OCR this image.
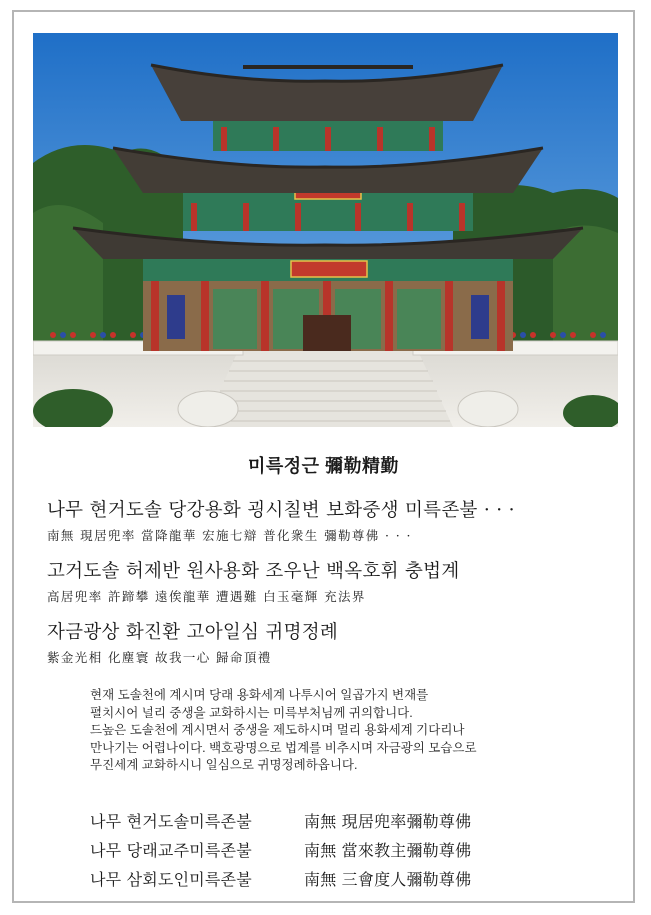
미륵정근 彌勒精勤
나무 현거도솔 당강용화 굉시칠변 보화중생 미륵존불 · · ·
南無 現居兜率 當降龍華 宏施七辯 普化衆生 彌勒尊佛 · · ·
고거도솔 허제반 원사용화 조우난 백옥호휘 충법계
高居兜率 許蹄攀 遠俟龍華 遭遇難 白玉毫輝 充法界
자금광상 화진환 고아일심 귀명정례
紫金光相 化塵寰 故我一心 歸命頂禮

현재 도솔천에 계시며 당래 용화세계 나투시어 일곱가지 변재를

펼치시어 널리 중생을 교화하시는 미륵부처님께 귀의합니다.

드높은 도솔천에 계시면서 중생을 제도하시며 멀리 용화세계 기다리나

만나기는 어렵나이다. 백호광명으로 법계를 비추시며 자금광의 모습으로

무진세계 교화하시니 일심으로 귀명정례하옵니다.

나무 현거도솔미륵존불	南無 現居兜率彌勒尊佛
나무 당래교주미륵존불	南無 當來教主彌勒尊佛
나무 삼회도인미륵존불	南無 三會度人彌勒尊佛
